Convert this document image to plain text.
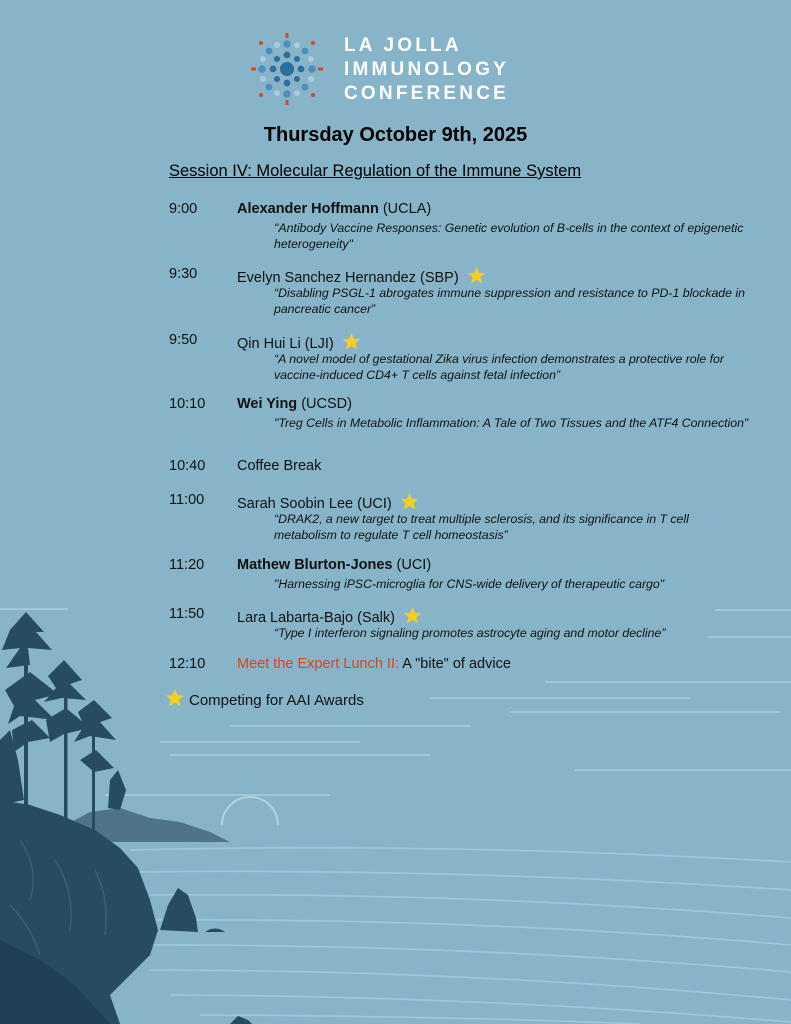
LA JOLLA
IMMUNOLOGY
CONFERENCE
Thursday October 9th, 2025
Session IV: Molecular Regulation of the Immune System
9:00	Alexander Hoffmann (UCLA)
"Antibody Vaccine Responses: Genetic evolution of B-cells in the context of epigenetic heterogeneity"
9:30	Evelyn Sanchez Hernandez (SBP)
“Disabling PSGL-1 abrogates immune suppression and resistance to PD-1 blockade in pancreatic cancer”
9:50	Qin Hui Li (LJI)
“A novel model of gestational Zika virus infection demonstrates a protective role for vaccine-induced CD4+ T cells against fetal infection”
10:10 Wei Ying (UCSD)
"Treg Cells in Metabolic Inflammation: A Tale of Two Tissues and the ATF4 Connection"
10:40 Coffee Break
11:00 Sarah Soobin Lee (UCI)
“DRAK2, a new target to treat multiple sclerosis, and its significance in T cell metabolism to regulate T cell homeostasis”
11:20 Mathew Blurton-Jones (UCI)
"Harnessing iPSC-microglia for CNS-wide delivery of therapeutic cargo"
11:50 Lara Labarta-Bajo (Salk)
“Type I interferon signaling promotes astrocyte aging and motor decline”
12:10 Meet the Expert Lunch II: A "bite" of advice
Competing for AAI Awards
